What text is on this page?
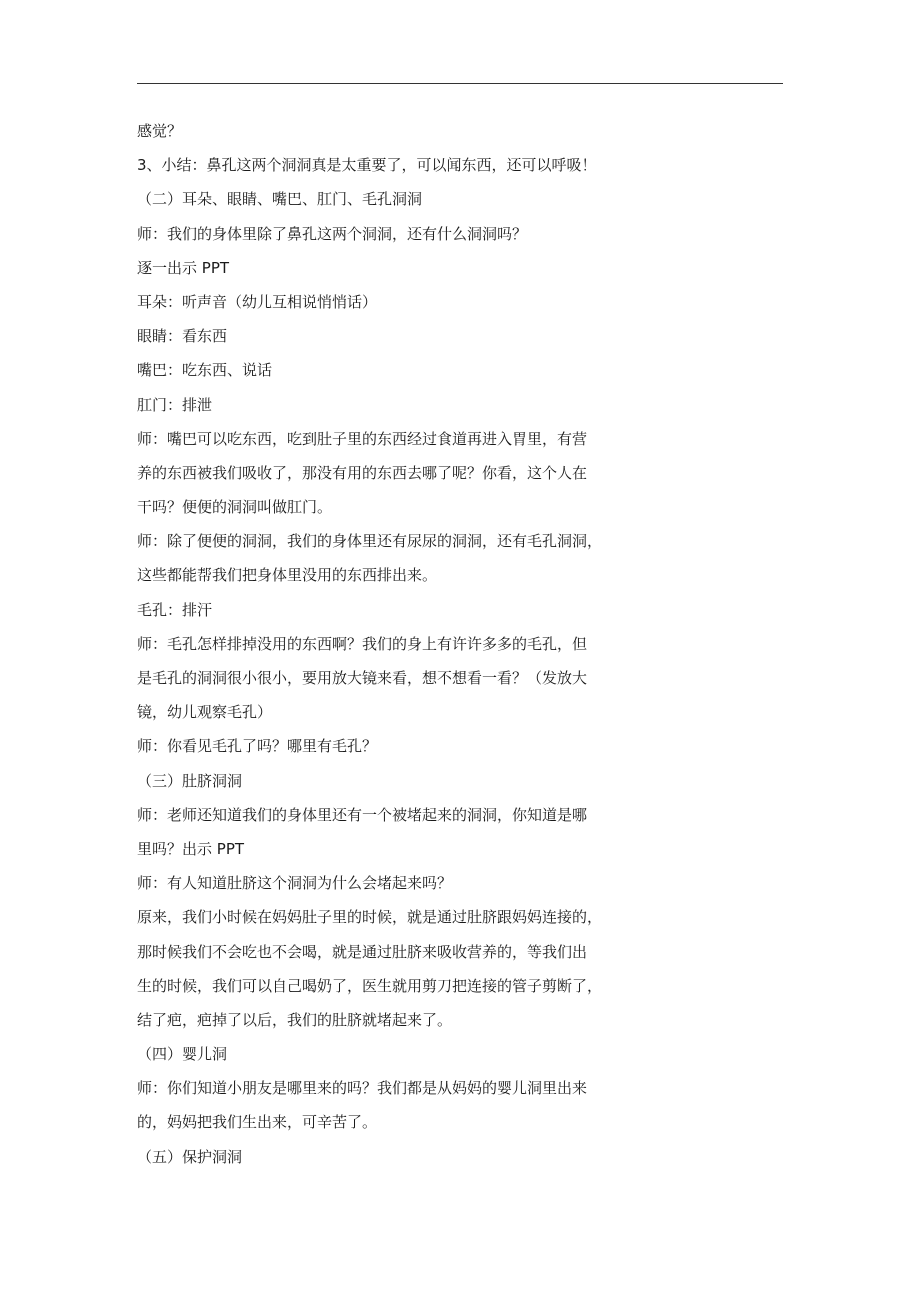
感觉？
3、小结：鼻孔这两个洞洞真是太重要了，可以闻东西，还可以呼吸！
（二）耳朵、眼睛、嘴巴、肛门、毛孔洞洞
师：我们的身体里除了鼻孔这两个洞洞，还有什么洞洞吗？
逐一出示 PPT
耳朵：听声音（幼儿互相说悄悄话）
眼睛：看东西
嘴巴：吃东西、说话
肛门：排泄
师：嘴巴可以吃东西，吃到肚子里的东西经过食道再进入胃里，有营
养的东西被我们吸收了，那没有用的东西去哪了呢？你看，这个人在
干吗？便便的洞洞叫做肛门。
师：除了便便的洞洞，我们的身体里还有尿尿的洞洞，还有毛孔洞洞，
这些都能帮我们把身体里没用的东西排出来。
毛孔：排汗
师：毛孔怎样排掉没用的东西啊？我们的身上有许许多多的毛孔，但
是毛孔的洞洞很小很小，要用放大镜来看，想不想看一看？（发放大
镜，幼儿观察毛孔）
师：你看见毛孔了吗？哪里有毛孔？
（三）肚脐洞洞
师：老师还知道我们的身体里还有一个被堵起来的洞洞，你知道是哪
里吗？出示 PPT
师：有人知道肚脐这个洞洞为什么会堵起来吗？
原来，我们小时候在妈妈肚子里的时候，就是通过肚脐跟妈妈连接的，
那时候我们不会吃也不会喝，就是通过肚脐来吸收营养的，等我们出
生的时候，我们可以自己喝奶了，医生就用剪刀把连接的管子剪断了，
结了疤，疤掉了以后，我们的肚脐就堵起来了。
（四）婴儿洞
师：你们知道小朋友是哪里来的吗？我们都是从妈妈的婴儿洞里出来
的，妈妈把我们生出来，可辛苦了。
（五）保护洞洞
